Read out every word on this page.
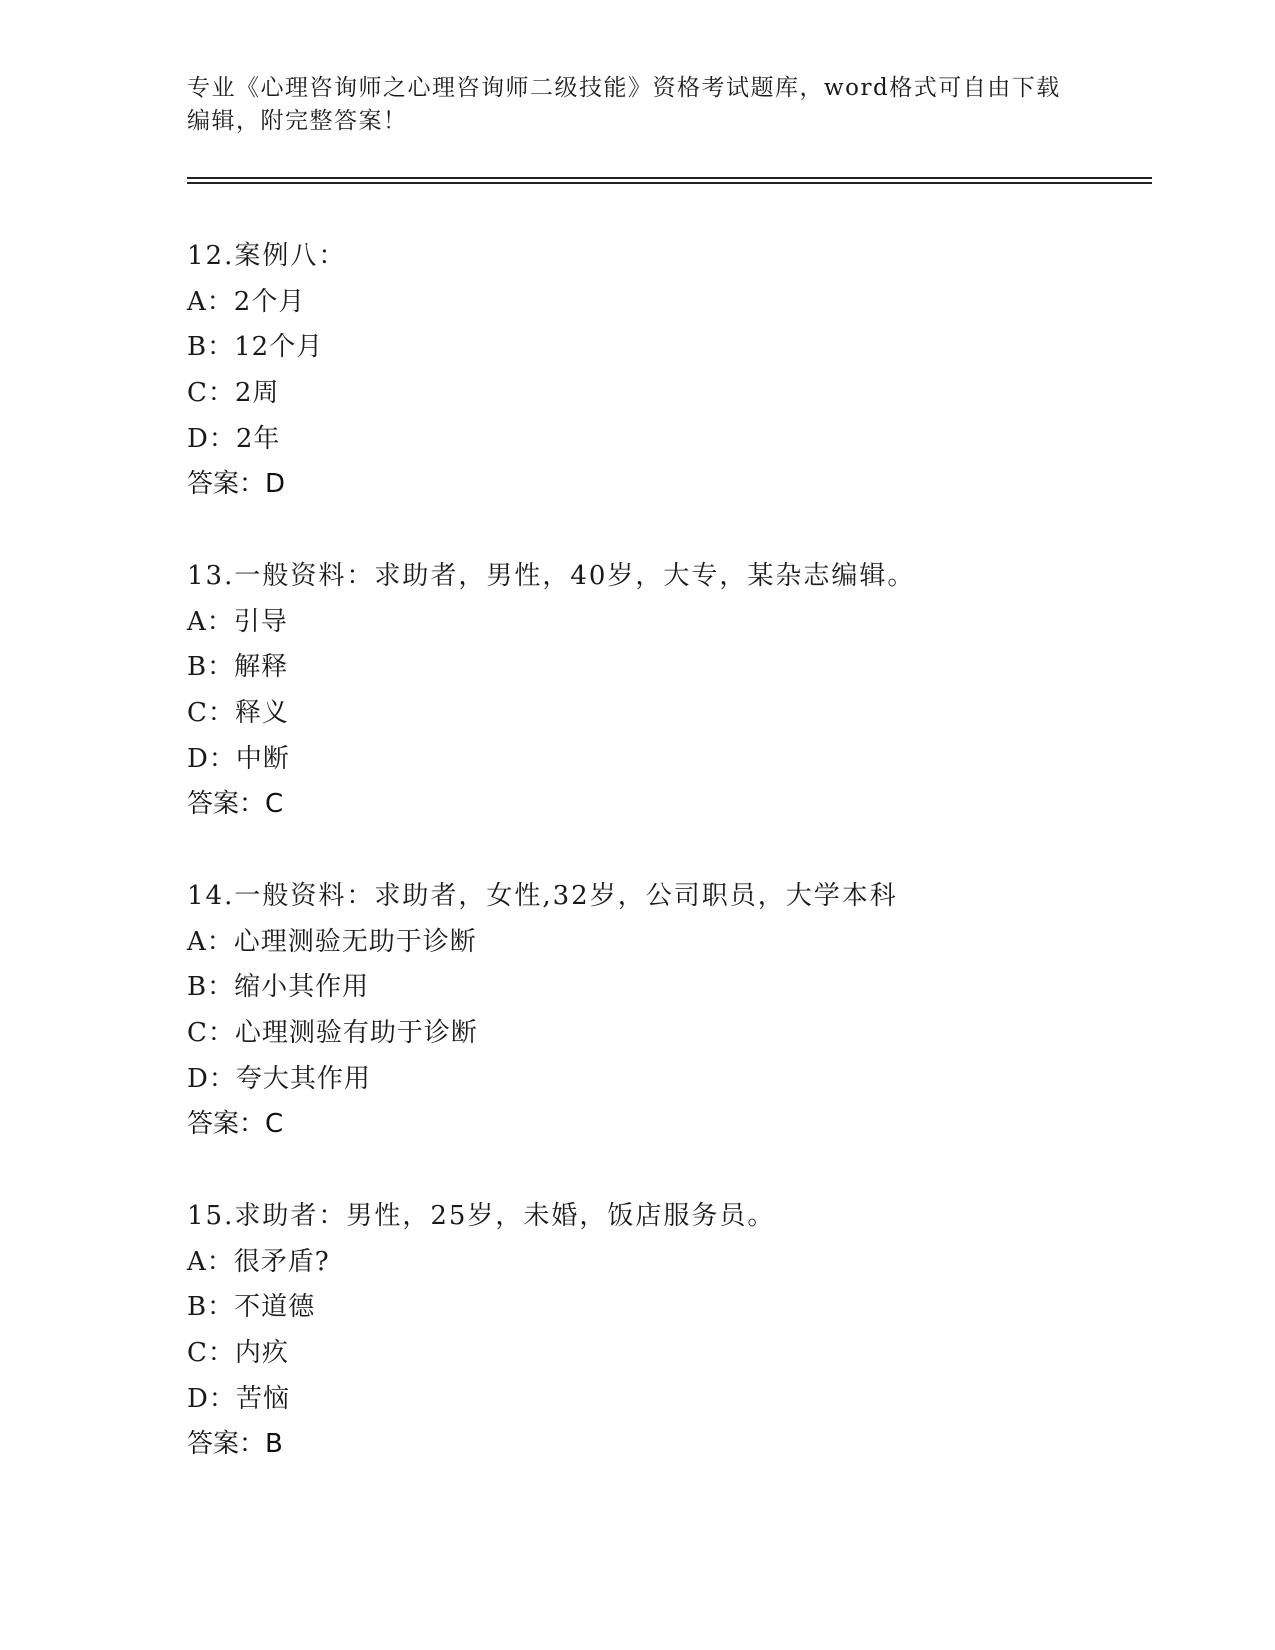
专业《心理咨询师之心理咨询师二级技能》资格考试题库，word格式可自由下载
编辑，附完整答案！
12.案例八：
A：2个月
B：12个月
C：2周
D：2年
答案：D
13.一般资料：求助者，男性，40岁，大专，某杂志编辑。
A：引导
B：解释
C：释义
D：中断
答案：C
14.一般资料：求助者，女性,32岁，公司职员，大学本科
A：心理测验无助于诊断
B：缩小其作用
C：心理测验有助于诊断
D：夸大其作用
答案：C
15.求助者：男性，25岁，未婚，饭店服务员。
A：很矛盾?
B：不道德
C：内疚
D：苦恼
答案：B
